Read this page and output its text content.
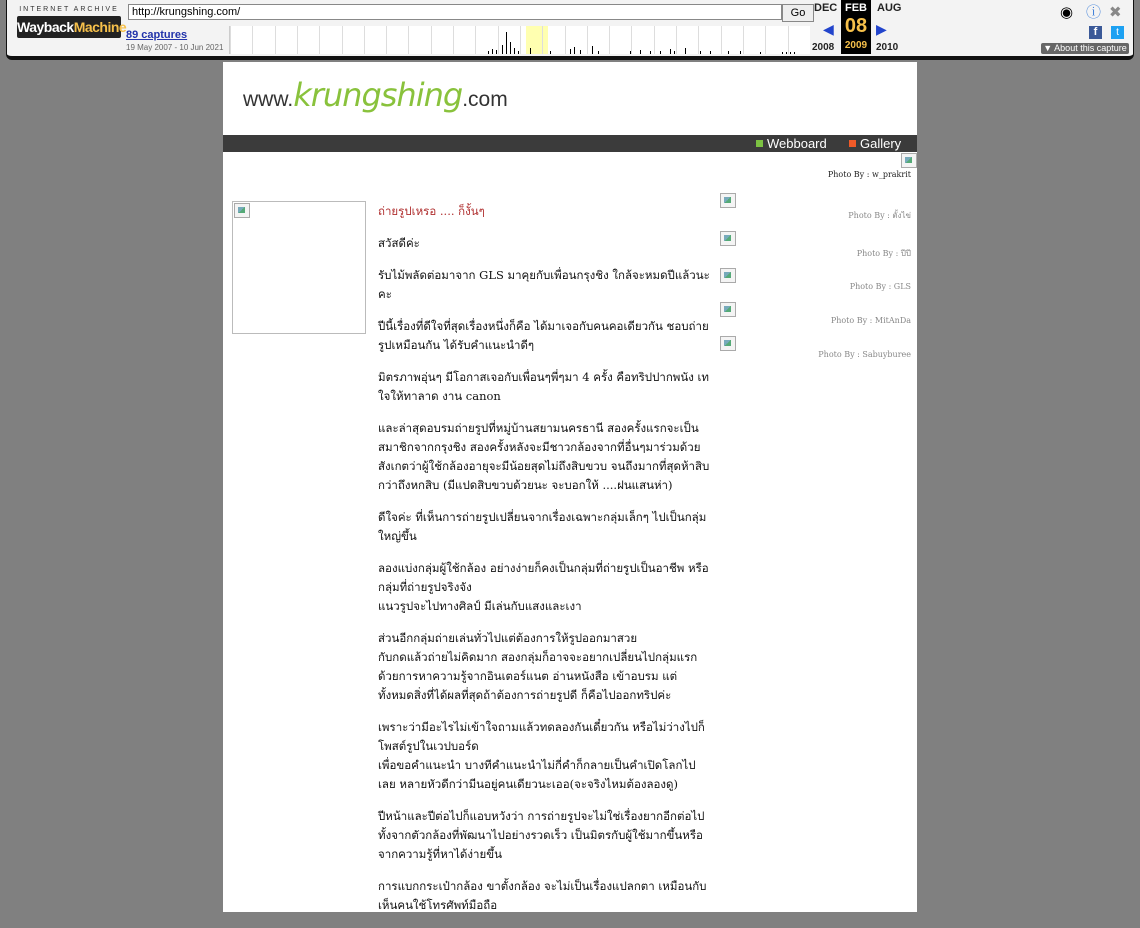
INTERNET ARCHIVE
WaybackMachine
http://krungshing.com/	Go
89 captures
19 May 2007 - 10 Jun 2021
DEC
◀
2008
FEB
08
2009
AUG
▶
2010
◉ ⓘ ✖
f	t
▼ About this capture
www.krungshing.com
Webboard	Gallery
Photo By : w_prakrit
Photo By : ตั้งไข่
Photo By : ปีปี
Photo By : GLS
Photo By : MitAnDa
Photo By : Sabuyburee

ถ่ายรูปเหรอ .... ก็งั้นๆ

สวัสดีค่ะ

รับไม้พลัดต่อมาจาก GLS มาคุยกับเพื่อนกรุงชิง ใกล้จะหมดปีแล้วนะคะ

ปีนี้เรื่องที่ดีใจที่สุดเรื่องหนึ่งก็คือ ได้มาเจอกับคนคอเดียวกัน ชอบถ่ายรูปเหมือนกัน ได้รับคำแนะนำดีๆ

มิตรภาพอุ่นๆ มีโอกาสเจอกับเพื่อนๆพี่ๆมา 4 ครั้ง คือทริปปากพนัง เทใจให้ทาลาด งาน canon

และล่าสุดอบรมถ่ายรูปที่หมู่บ้านสยามนครธานี สองครั้งแรกจะเป็นสมาชิกจากกรุงชิง สองครั้งหลังจะมีชาวกล้องจากที่อื่นๆมาร่วมด้วย สังเกตว่าผู้ใช้กล้องอายุจะมีน้อยสุดไม่ถึงสิบขวบ จนถึงมากที่สุดห้าสิบกว่าถึงหกสิบ (มีแปดสิบขวบด้วยนะ จะบอกให้ ....ฝนแสนห่า)

ดีใจค่ะ ที่เห็นการถ่ายรูปเปลี่ยนจากเรื่องเฉพาะกลุ่มเล็กๆ ไปเป็นกลุ่มใหญ่ขึ้น

ลองแบ่งกลุ่มผู้ใช้กล้อง อย่างง่ายก็คงเป็นกลุ่มที่ถ่ายรูปเป็นอาชีพ หรือกลุ่มที่ถ่ายรูปจริงจัง
แนวรูปจะไปทางศิลป์ มีเล่นกับแสงและเงา

ส่วนอีกกลุ่มถ่ายเล่นทั่วไปแต่ต้องการให้รูปออกมาสวย
กับกดแล้วถ่ายไม่คิดมาก สองกลุ่มก็อาจจะอยากเปลี่ยนไปกลุ่มแรก
ด้วยการหาความรู้จากอินเตอร์แนต อ่านหนังสือ เข้าอบรม แต่
ทั้งหมดสิ่งที่ได้ผลที่สุดถ้าต้องการถ่ายรูปดี ก็คือไปออกทริปค่ะ

เพราะว่ามีอะไรไม่เข้าใจถามแล้วทดลองกันเดี๋ยวกัน หรือไม่ว่างไปก็โพสต์รูปในเวปบอร์ด
เพื่อขอคำแนะนำ บางทีคำแนะนำไม่กี่คำก็กลายเป็นคำเปิดโลกไป
เลย หลายหัวดีกว่ามีนอยู่คนเดียวนะเออ(จะจริงไหมต้องลองดู)

ปีหน้าและปีต่อไปก็แอบหวังว่า การถ่ายรูปจะไม่ใช่เรื่องยากอีกต่อไป
ทั้งจากตัวกล้องที่พัฒนาไปอย่างรวดเร็ว เป็นมิตรกับผู้ใช้มากขึ้นหรือ
จากความรู้ที่หาได้ง่ายขึ้น

การแบกกระเป๋ากล้อง ขาตั้งกล้อง จะไม่เป็นเรื่องแปลกตา เหมือนกับเห็นคนใช้โทรศัพท์มือถือ
